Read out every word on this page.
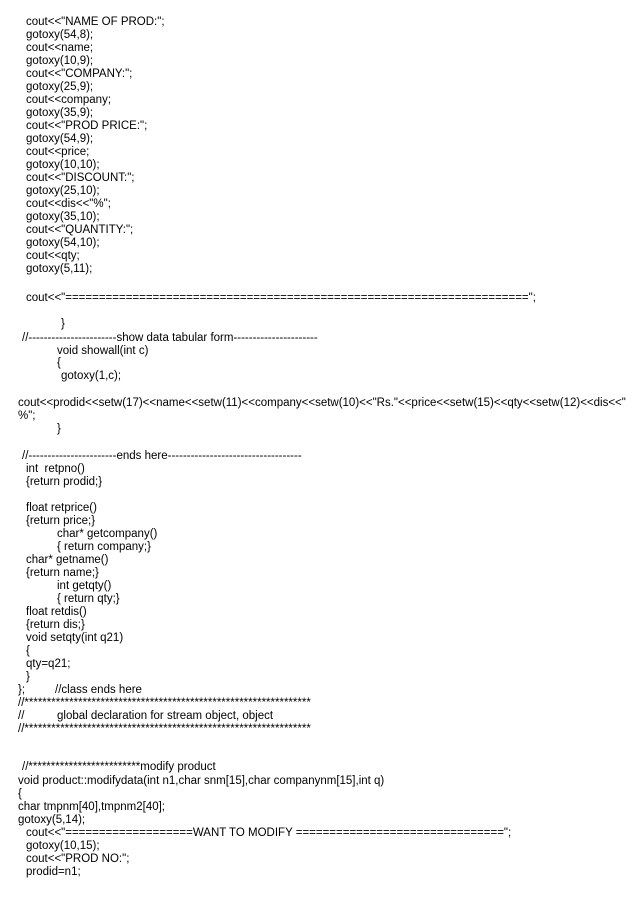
cout<<"NAME OF PROD:";
gotoxy(54,8);
cout<<name;
gotoxy(10,9);
cout<<"COMPANY:";
gotoxy(25,9);
cout<<company;
gotoxy(35,9);
cout<<"PROD PRICE:";
gotoxy(54,9);
cout<<price;
gotoxy(10,10);
cout<<"DISCOUNT:";
gotoxy(25,10);
cout<<dis<<"%";
gotoxy(35,10);
cout<<"QUANTITY:";
gotoxy(54,10);
cout<<qty;
gotoxy(5,11);
cout<<"=====================================================================";
}
//-----------------------show data tabular form----------------------
void showall(int c)
{
gotoxy(1,c);
cout<<prodid<<setw(17)<<name<<setw(11)<<company<<setw(10)<<"Rs."<<price<<setw(15)<<qty<<setw(12)<<dis<<"
%";
}
//-----------------------ends here-----------------------------------
int  retpno()
{return prodid;}
float retprice()
{return price;}
char* getcompany()
{ return company;}
char* getname()
{return name;}
int getqty()
{ return qty;}
float retdis()
{return dis;}
void setqty(int q21)
{
qty=q21;
}
};	//class ends here
//****************************************************************
//	global declaration for stream object, object
//****************************************************************
//*************************modify product
void product::modifydata(int n1,char snm[15],char companynm[15],int q)
{
char tmpnm[40],tmpnm2[40];
gotoxy(5,14);
cout<<"===================WANT TO MODIFY ===============================";
gotoxy(10,15);
cout<<"PROD NO:";
prodid=n1;
